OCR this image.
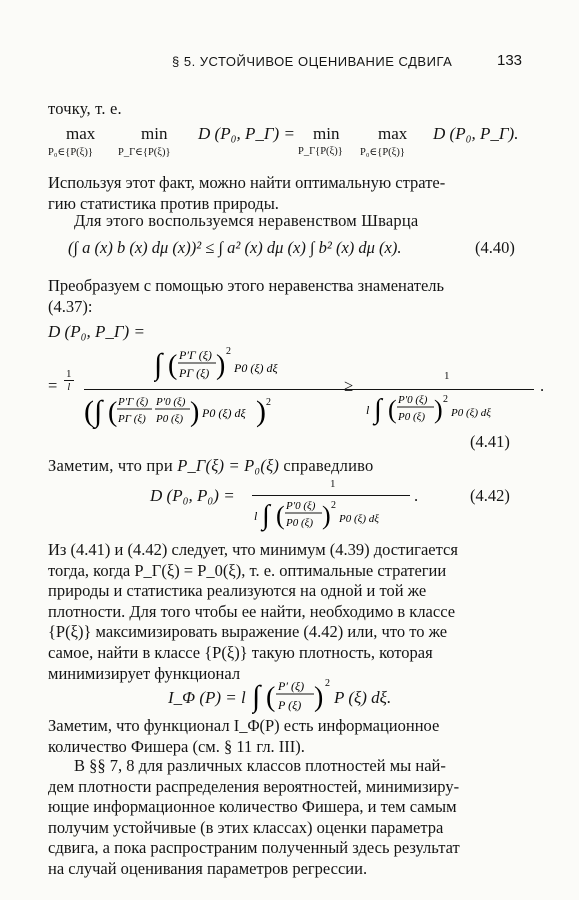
§ 5. УСТОЙЧИВОЕ ОЦЕНИВАНИЕ СДВИГА	133
точку, т. е.
max
P₀∈{P(ξ)}
min
P_Г∈{P(ξ)}
D (P₀, P_Г) = min
P_Г{P(ξ)}
max
P₀∈{P(ξ)}
D (P₀, P_Г).
Используя этот факт, можно найти оптимальную страте-
гию статистика против природы.
Для этого воспользуемся неравенством Шварца
(∫ a (x) b (x) dμ (x))² ≤ ∫ a² (x) dμ (x) ∫ b² (x) dμ (x).	(4.40)
Преобразуем с помощью этого неравенства знаменатель
(4.37):
D (P₀, P_Г) =
= $\frac{1}{l}$	∫ ( P′Г (ξ)
PГ (ξ) ) 2
P0 (ξ) dξ
( ∫ ( P′Г (ξ)
PГ (ξ)
P′0 (ξ)
P0 (ξ) ) P0 (ξ) dξ ) 2
≥	1
l ∫ ( P′0 (ξ)
P0 (ξ) ) 2
P0 (ξ) dξ
.
(4.41)
Заметим, что при P_Г(ξ) = P₀(ξ) справедливо
D (P₀, P₀) =
1
l ∫ ( P′0 (ξ)
P0 (ξ) ) 2
P0 (ξ) dξ
.	(4.42)
Из (4.41) и (4.42) следует, что минимум (4.39) достигается
тогда, когда P_Г(ξ) = P_0(ξ), т. е. оптимальные стратегии
природы и статистика реализуются на одной и той же
плотности. Для того чтобы ее найти, необходимо в классе
{P(ξ)} максимизировать выражение (4.42) или, что то же
самое, найти в классе {P(ξ)} такую плотность, которая
минимизирует функционал
I_Φ (P) = l ∫ ( P′ (ξ)
P (ξ) ) 2
P (ξ) dξ.
Заметим, что функционал I_Φ(P) есть информационное
количество Фишера (см. § 11 гл. III).
В §§ 7, 8 для различных классов плотностей мы най-
дем плотности распределения вероятностей, минимизиру-
ющие информационное количество Фишера, и тем самым
получим устойчивые (в этих классах) оценки параметра
сдвига, а пока распространим полученный здесь результат
на случай оценивания параметров регрессии.
